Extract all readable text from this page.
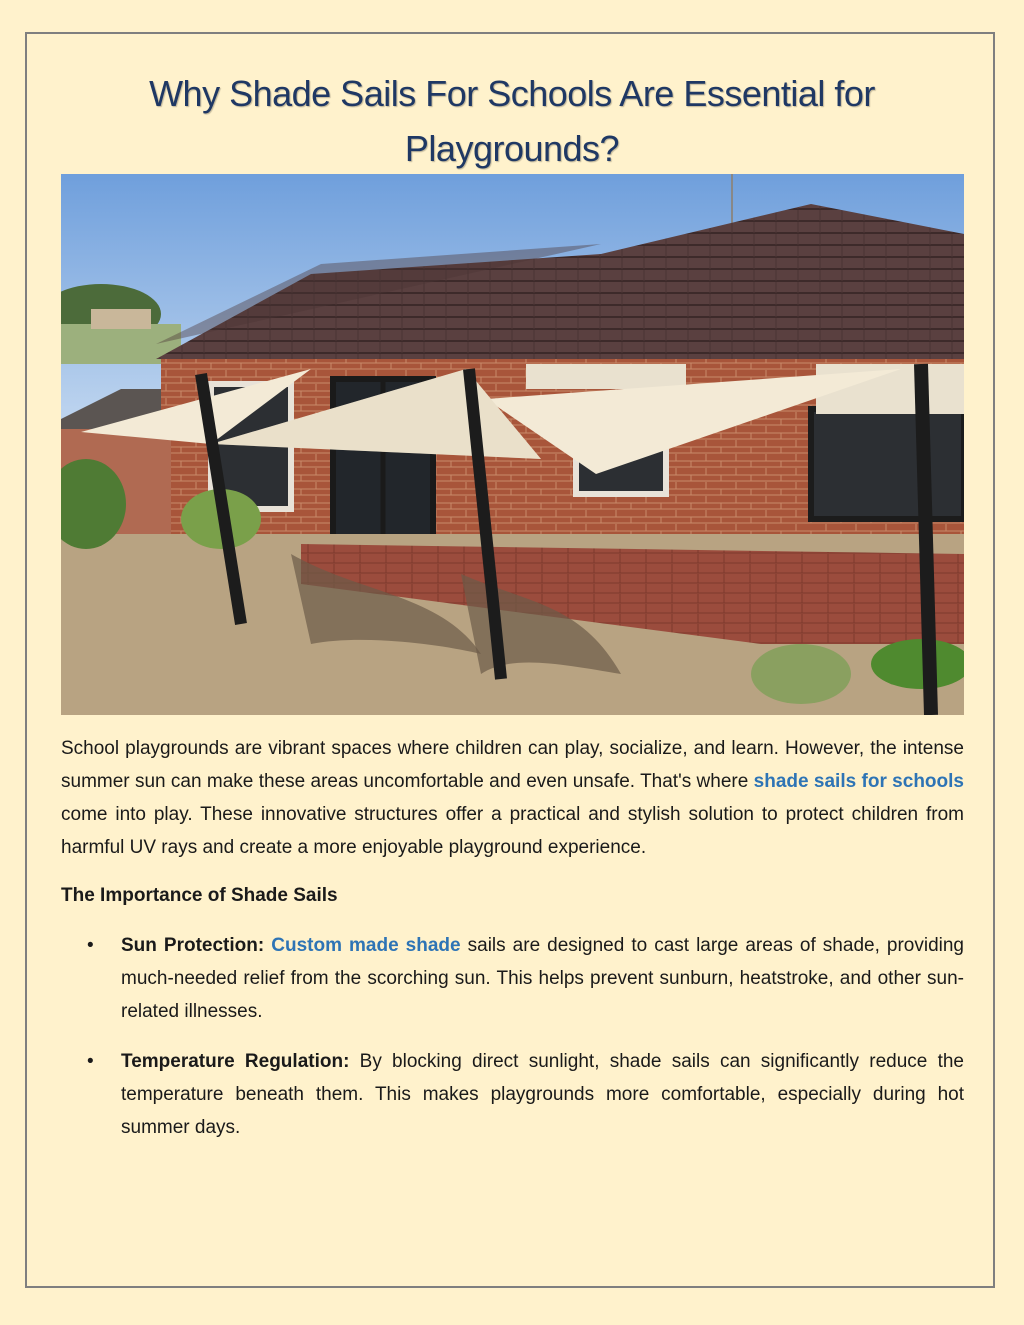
Why Shade Sails For Schools Are Essential for Playgrounds?

School playgrounds are vibrant spaces where children can play, socialize, and learn. However, the intense summer sun can make these areas uncomfortable and even unsafe. That's where shade sails for schools come into play. These innovative structures offer a practical and stylish solution to protect children from harmful UV rays and create a more enjoyable playground experience.

The Importance of Shade Sails

• Sun Protection: Custom made shade sails are designed to cast large areas of shade, providing much-needed relief from the scorching sun. This helps prevent sunburn, heatstroke, and other sun-related illnesses.
• Temperature Regulation: By blocking direct sunlight, shade sails can significantly reduce the temperature beneath them. This makes playgrounds more comfortable, especially during hot summer days.
